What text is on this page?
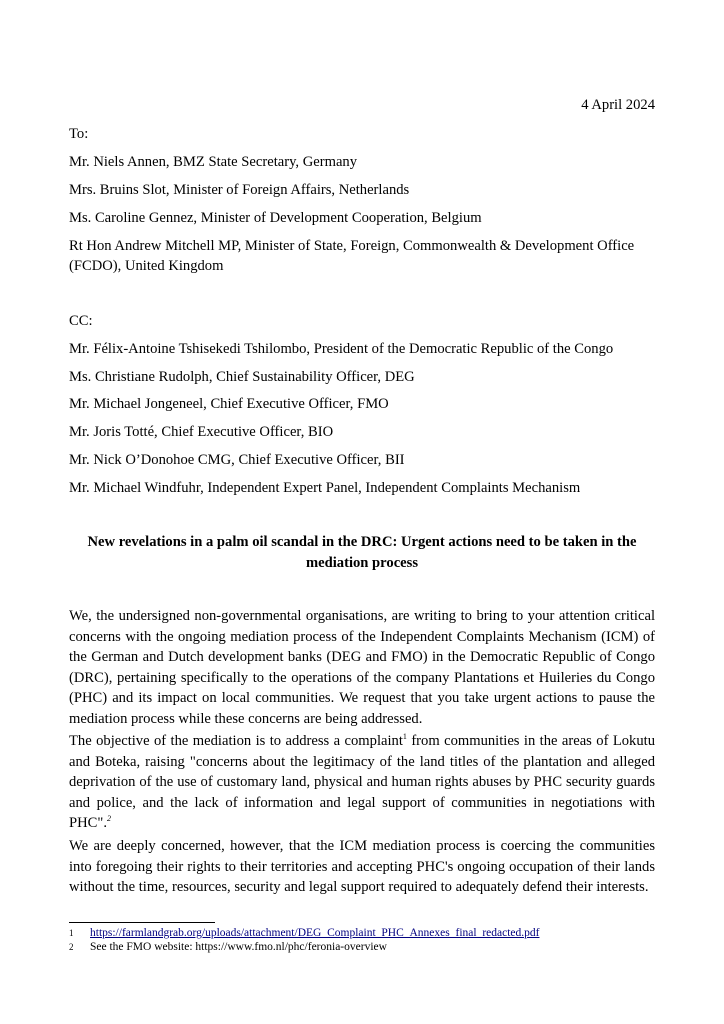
4 April 2024
To:
Mr. Niels Annen, BMZ State Secretary, Germany
Mrs. Bruins Slot, Minister of Foreign Affairs, Netherlands
Ms. Caroline Gennez, Minister of Development Cooperation, Belgium
Rt Hon Andrew Mitchell MP, Minister of State, Foreign, Commonwealth & Development Office
(FCDO), United Kingdom
CC:
Mr. Félix-Antoine Tshisekedi Tshilombo, President of the Democratic Republic of the Congo
Ms. Christiane Rudolph, Chief Sustainability Officer, DEG
Mr. Michael Jongeneel, Chief Executive Officer, FMO
Mr. Joris Totté, Chief Executive Officer, BIO
Mr. Nick O’Donohoe CMG, Chief Executive Officer, BII
Mr. Michael Windfuhr, Independent Expert Panel, Independent Complaints Mechanism
New revelations in a palm oil scandal in the DRC: Urgent actions need to be taken in the mediation process
We, the undersigned non-governmental organisations, are writing to bring to your attention critical concerns with the ongoing mediation process of the Independent Complaints Mechanism (ICM) of the German and Dutch development banks (DEG and FMO) in the Democratic Republic of Congo (DRC), pertaining specifically to the operations of the company Plantations et Huileries du Congo (PHC) and its impact on local communities. We request that you take urgent actions to pause the mediation process while these concerns are being addressed.
The objective of the mediation is to address a complaint$^1$ from communities in the areas of Lokutu and Boteka, raising "concerns about the legitimacy of the land titles of the plantation and alleged deprivation of the use of customary land, physical and human rights abuses by PHC security guards and police, and the lack of information and legal support of communities in negotiations with PHC".$^2$
We are deeply concerned, however, that the ICM mediation process is coercing the communities into foregoing their rights to their territories and accepting PHC's ongoing occupation of their lands without the time, resources, security and legal support required to adequately defend their interests.
1 https://farmlandgrab.org/uploads/attachment/DEG_Complaint_PHC_Annexes_final_redacted.pdf
2 See the FMO website: https://www.fmo.nl/phc/feronia-overview
